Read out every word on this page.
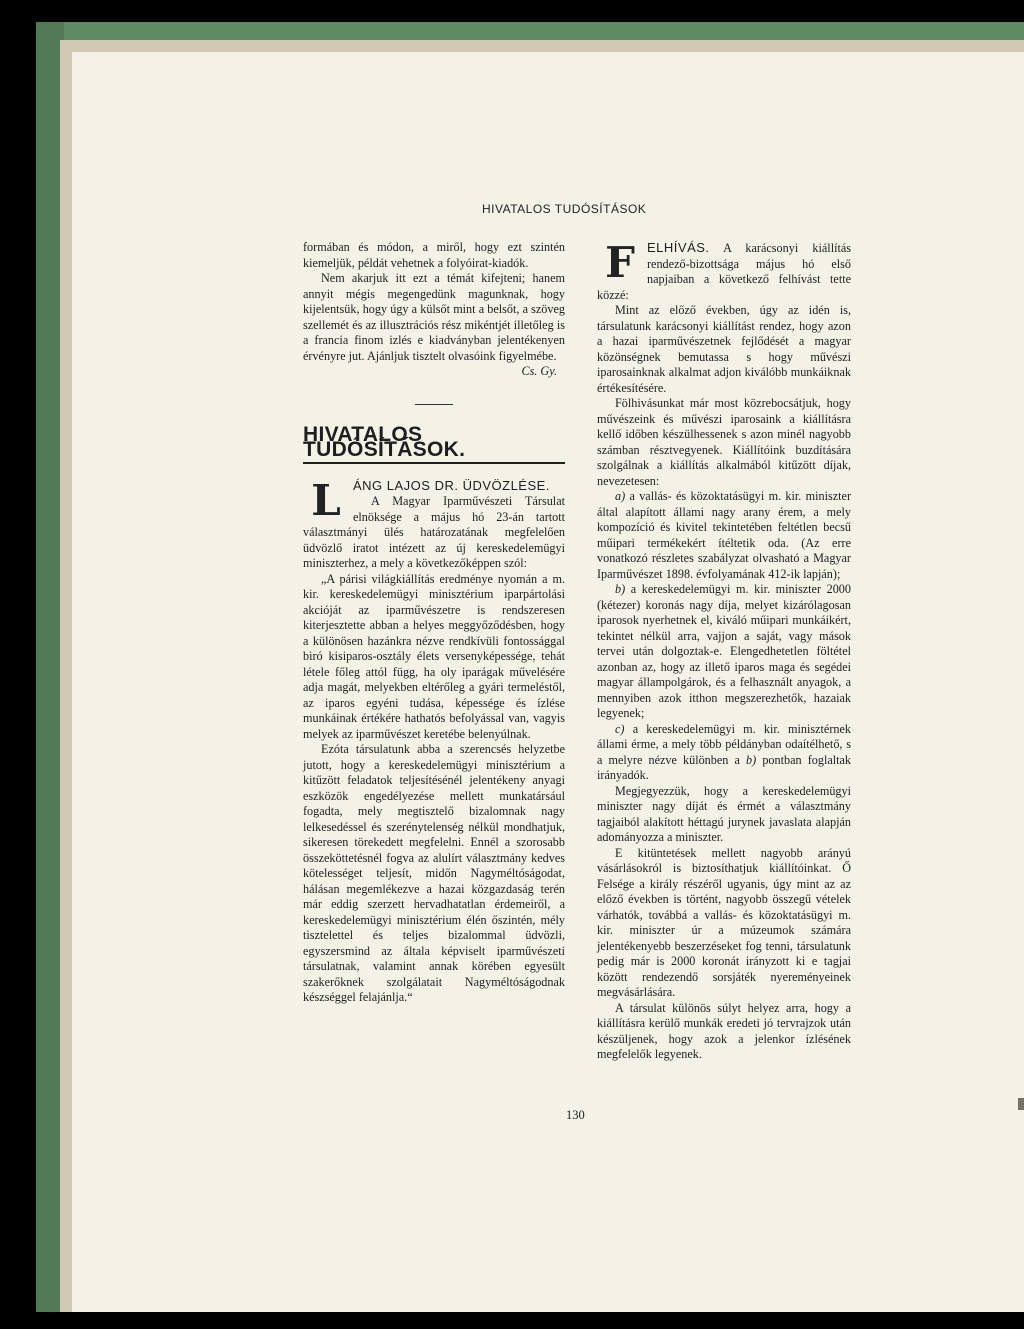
HIVATALOS TUDÓSÍTÁSOK

formában és módon, a miről, hogy ezt szintén kiemeljük, példát vehetnek a folyóirat-kiadók.

Nem akarjuk itt ezt a témát kifejteni; hanem annyit mégis megengedünk magunknak, hogy kijelentsük, hogy úgy a külsőt mint a belsőt, a szöveg szellemét és az illusztrációs rész mikéntjét illetőleg is a francia finom izlés e kiadványban jelentékenyen érvényre jut. Ajánljuk tisztelt olvasóink figyelmébe.

Cs. Gy.

HIVATALOS TUDÓSÍTÁSOK.
L ÁNG LAJOS DR. ÜDVÖZLÉSE.

A Magyar Iparművészeti Társulat elnöksége a május hó 23-án tartott választmányi ülés határozatának megfelelően üdvözlő iratot intézett az új kereskedelemügyi miniszterhez, a mely a következőképpen szól:

„A párisi világkiállítás eredménye nyomán a m. kir. kereskedelemügyi minisztérium iparpártolási akcióját az iparművészetre is rendszeresen kiterjesztette abban a helyes meggyőződésben, hogy a különösen hazánkra nézve rendkívüli fontossággal biró kisiparos-osztály élets versenyképessége, tehát létele főleg attól függ, ha oly iparágak művelésére adja magát, melyekben eltérőleg a gyári termeléstől, az iparos egyéni tudása, képessége és ízlése munkáinak értékére hathatós befolyással van, vagyis melyek az iparművészet keretébe belenyúlnak.

Ezóta társulatunk abba a szerencsés helyzetbe jutott, hogy a kereskedelemügyi minisztérium a kitűzött feladatok teljesítésénél jelentékeny anyagi eszközök engedélyezése mellett munkatársául fogadta, mely megtisztelő bizalomnak nagy lelkesedéssel és szerénytelenség nélkül mondhatjuk, sikeresen törekedett megfelelni. Ennél a szorosabb összeköttetésnél fogva az alulírt választmány kedves kötelességet teljesít, midőn Nagyméltóságodat, hálásan megemlékezve a hazai közgazdaság terén már eddig szerzett hervadhatatlan érdemeiről, a kereskedelemügyi minisztérium élén őszintén, mély tisztelettel és teljes bizalommal üdvözli, egyszersmind az általa képviselt iparművészeti társulatnak, valamint annak körében egyesült szakerőknek szolgálatait Nagyméltóságodnak készséggel felajánlja.“

F ELHÍVÁS. A karácsonyi kiállítás rendező-bizottsága május hó első napjaiban a következő felhívást tette közzé:

Mint az előző években, úgy az idén is, társulatunk karácsonyi kiállítást rendez, hogy azon a hazai iparművészetnek fejlődését a magyar közönségnek bemutassa s hogy művészi iparosainknak alkalmat adjon kiválóbb munkáiknak értékesítésére.

Fölhivásunkat már most közrebocsátjuk, hogy művészeink és művészi iparosaink a kiállításra kellő időben készülhessenek s azon minél nagyobb számban résztvegyenek. Kiállítóink buzdítására szolgálnak a kiállítás alkalmából kitűzött díjak, nevezetesen:

a) a vallás- és közoktatásügyi m. kir. miniszter által alapított állami nagy arany érem, a mely kompozíció és kivitel tekintetében feltétlen becsű műipari termékekért ítéltetik oda. (Az erre vonatkozó részletes szabályzat olvasható a Magyar Iparművészet 1898. évfolyamának 412-ik lapján);

b) a kereskedelemügyi m. kir. miniszter 2000 (kétezer) koronás nagy díja, melyet kizárólagosan iparosok nyerhetnek el, kiváló műipari munkáikért, tekintet nélkül arra, vajjon a saját, vagy mások tervei után dolgoztak-e. Elengedhetetlen föltétel azonban az, hogy az illető iparos maga és segédei magyar állampolgárok, és a felhasznált anyagok, a mennyiben azok itthon megszerezhetők, hazaiak legyenek;

c) a kereskedelemügyi m. kir. minisztérnek állami érme, a mely több példányban odaítélhető, s a melyre nézve különben a b) pontban foglaltak irányadók.

Megjegyezzük, hogy a kereskedelemügyi miniszter nagy díját és érmét a választmány tagjaiból alakított héttagú jurynek javaslata alapján adományozza a miniszter.

E kitüntetések mellett nagyobb arányú vásárlásokról is biztosíthatjuk kiállítóinkat. Ő Felsége a király részéről ugyanis, úgy mint az az előző években is történt, nagyobb összegű vételek várhatók, továbbá a vallás- és közoktatásügyi m. kir. miniszter úr a múzeumok számára jelentékenyebb beszerzéseket fog tenni, társulatunk pedig már is 2000 koronát irányzott ki e tagjai között rendezendő sorsjáték nyereményeinek megvásárlására.

A társulat különös súlyt helyez arra, hogy a kiállításra kerülő munkák eredeti jó tervrajzok után készüljenek, hogy azok a jelenkor ízlésének megfelelők legyenek.

130
